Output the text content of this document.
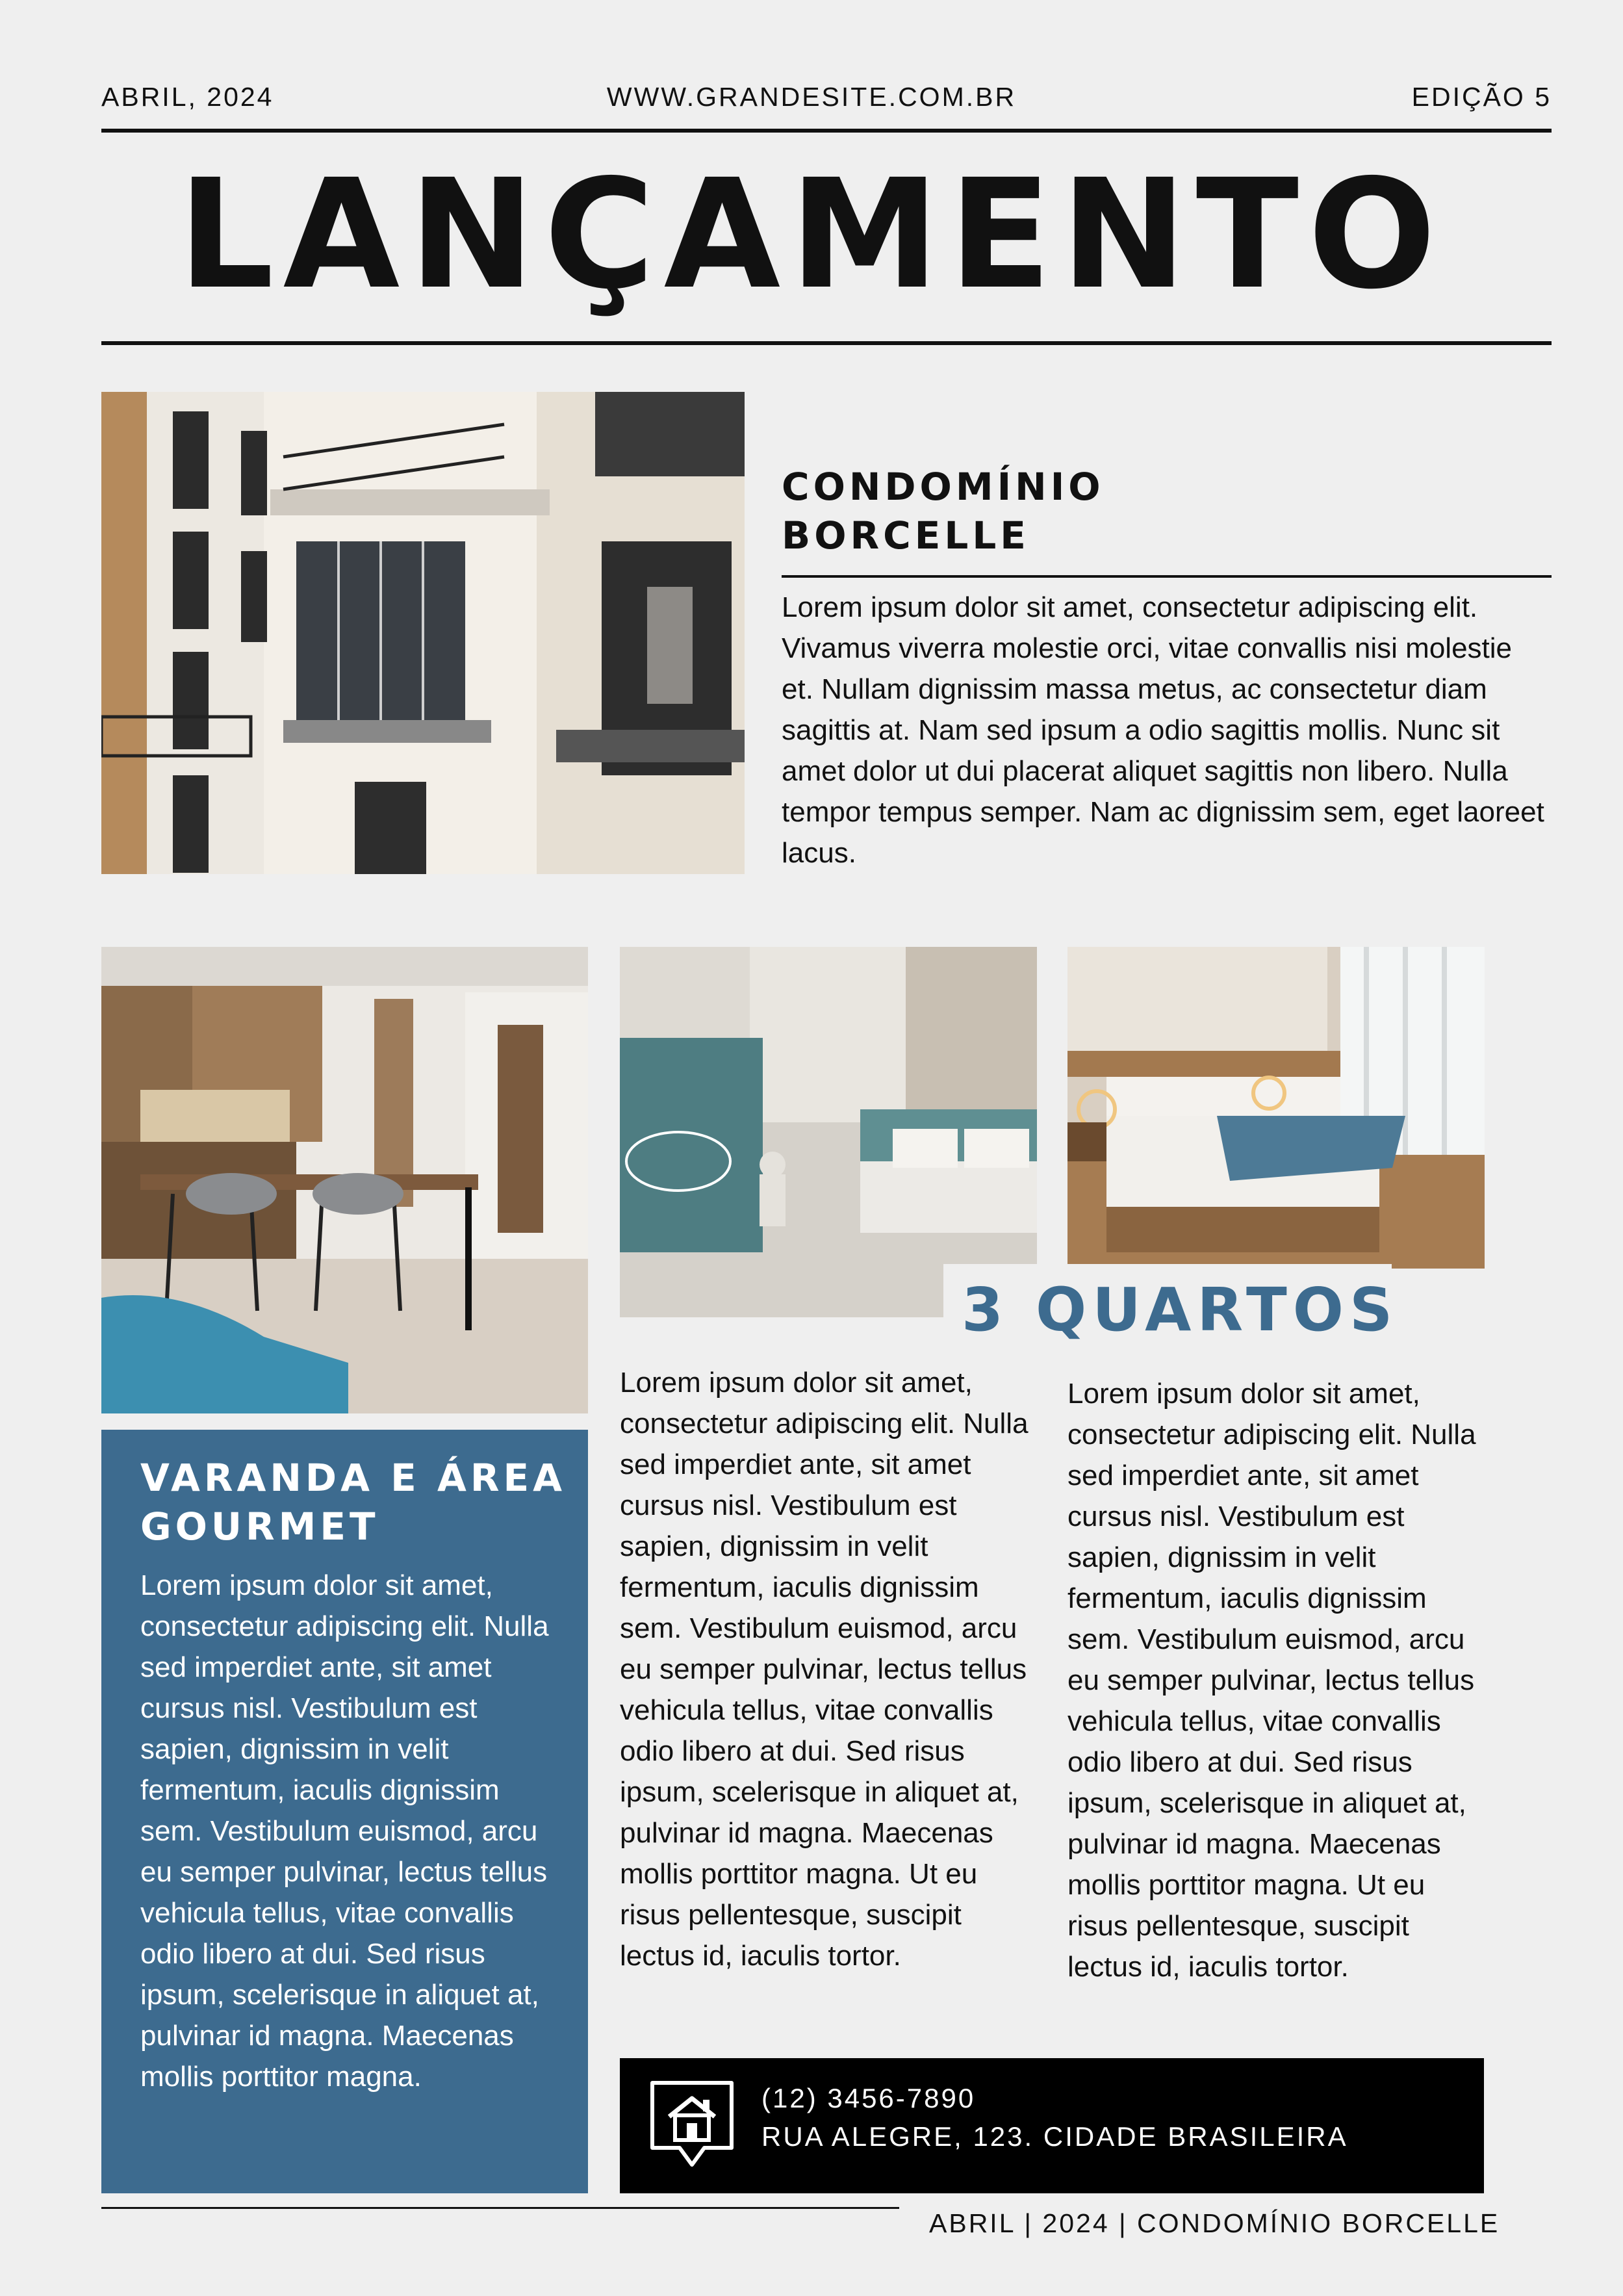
ABRIL, 2024	WWW.GRANDESITE.COM.BR	EDIÇÃO 5
LANÇAMENTO
CONDOMÍNIO
BORCELLE
Lorem ipsum dolor sit amet, consectetur adipiscing elit. Vivamus viverra molestie orci, vitae convallis nisi molestie et. Nullam dignissim massa metus, ac consectetur diam sagittis at. Nam sed ipsum a odio sagittis mollis. Nunc sit amet dolor ut dui placerat aliquet sagittis non libero. Nulla tempor tempus semper. Nam ac dignissim sem, eget laoreet lacus.
VARANDA E ÁREA
GOURMET
Lorem ipsum dolor sit amet, consectetur adipiscing elit. Nulla sed imperdiet ante, sit amet cursus nisl. Vestibulum est sapien, dignissim in velit fermentum, iaculis dignissim sem. Vestibulum euismod, arcu eu semper pulvinar, lectus tellus vehicula tellus, vitae convallis odio libero at dui. Sed risus ipsum, scelerisque in aliquet at, pulvinar id magna. Maecenas mollis porttitor magna.
3 QUARTOS
Lorem ipsum dolor sit amet, consectetur adipiscing elit. Nulla sed imperdiet ante, sit amet cursus nisl. Vestibulum est sapien, dignissim in velit fermentum, iaculis dignissim sem. Vestibulum euismod, arcu eu semper pulvinar, lectus tellus vehicula tellus, vitae convallis odio libero at dui. Sed risus ipsum, scelerisque in aliquet at, pulvinar id magna. Maecenas mollis porttitor magna. Ut eu risus pellentesque, suscipit lectus id, iaculis tortor.
Lorem ipsum dolor sit amet, consectetur adipiscing elit. Nulla sed imperdiet ante, sit amet cursus nisl. Vestibulum est sapien, dignissim in velit fermentum, iaculis dignissim sem. Vestibulum euismod, arcu eu semper pulvinar, lectus tellus vehicula tellus, vitae convallis odio libero at dui. Sed risus ipsum, scelerisque in aliquet at, pulvinar id magna. Maecenas mollis porttitor magna. Ut eu risus pellentesque, suscipit lectus id, iaculis tortor.
(12) 3456-7890
RUA ALEGRE, 123. CIDADE BRASILEIRA
ABRIL | 2024 | CONDOMÍNIO BORCELLE
